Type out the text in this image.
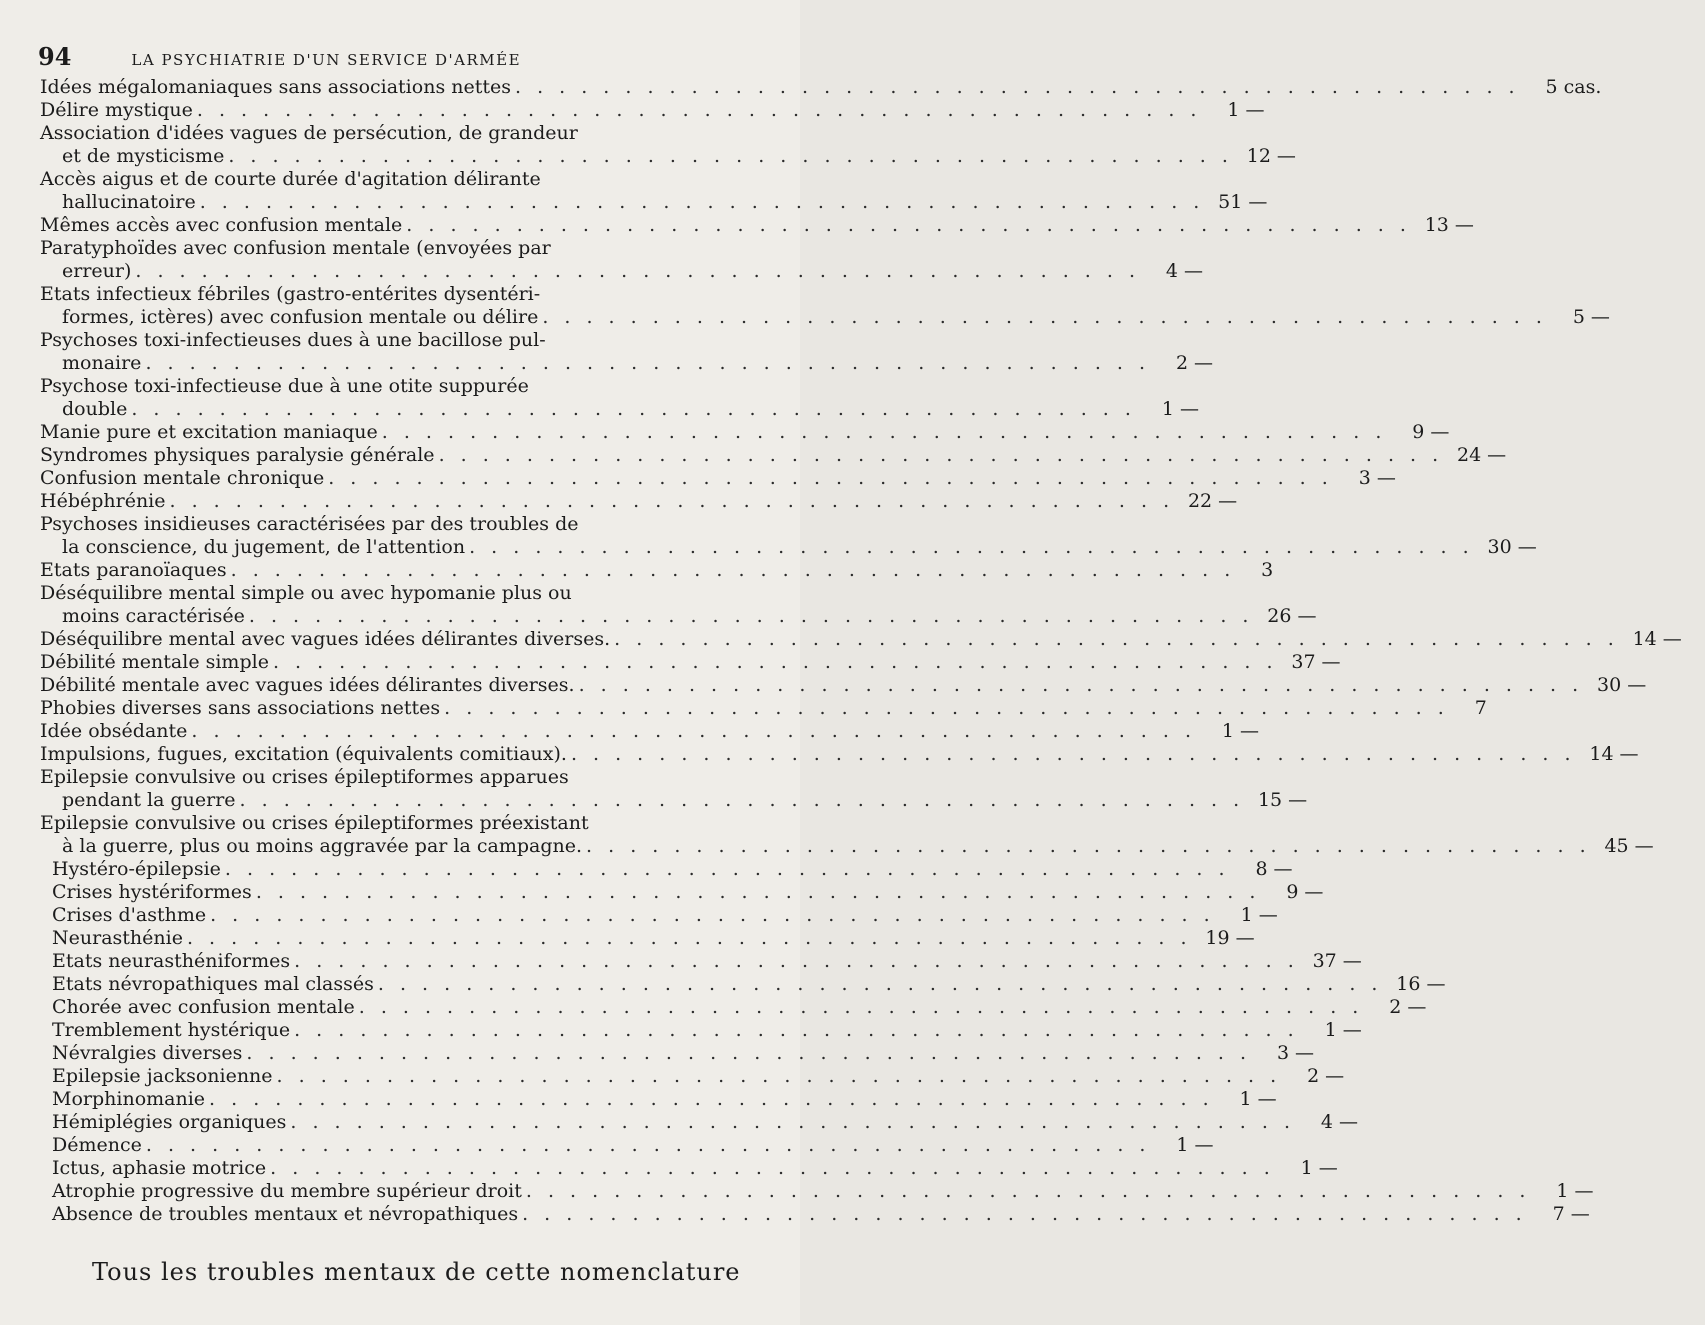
94	LA PSYCHIATRIE D'UN SERVICE D'ARMÉE
Idées mégalomaniaques sans associations nettes . . . . . . . . . . . . . . . . . . . . . . . . . . . . . . . . . . . . . . . . . . . . . .	5 cas.
Délire mystique . . . . . . . . . . . . . . . . . . . . . . . . . . . . . . . . . . . . . . . . . . . . . .	1 —
Association d'idées vagues de persécution, de grandeur
et de mysticisme . . . . . . . . . . . . . . . . . . . . . . . . . . . . . . . . . . . . . . . . . . . . . . 12 —
Accès aigus et de courte durée d'agitation délirante
hallucinatoire . . . . . . . . . . . . . . . . . . . . . . . . . . . . . . . . . . . . . . . . . . . . . . 51 —
Mêmes accès avec confusion mentale . . . . . . . . . . . . . . . . . . . . . . . . . . . . . . . . . . . . . . . . . . . . . . 13 —
Paratyphoïdes avec confusion mentale (envoyées par
erreur) . . . . . . . . . . . . . . . . . . . . . . . . . . . . . . . . . . . . . . . . . . . . . .	4 —
Etats infectieux fébriles (gastro-entérites dysentéri-
formes, ictères) avec confusion mentale ou délire . . . . . . . . . . . . . . . . . . . . . . . . . . . . . . . . . . . . . . . . . . . . . .	5 —
Psychoses toxi-infectieuses dues à une bacillose pul-
monaire . . . . . . . . . . . . . . . . . . . . . . . . . . . . . . . . . . . . . . . . . . . . . .	2 —
Psychose toxi-infectieuse due à une otite suppurée
double . . . . . . . . . . . . . . . . . . . . . . . . . . . . . . . . . . . . . . . . . . . . . .	1 —
Manie pure et excitation maniaque . . . . . . . . . . . . . . . . . . . . . . . . . . . . . . . . . . . . . . . . . . . . . .	9 —
Syndromes physiques paralysie générale . . . . . . . . . . . . . . . . . . . . . . . . . . . . . . . . . . . . . . . . . . . . . . 24 —
Confusion mentale chronique . . . . . . . . . . . . . . . . . . . . . . . . . . . . . . . . . . . . . . . . . . . . . .	3 —
Hébéphrénie . . . . . . . . . . . . . . . . . . . . . . . . . . . . . . . . . . . . . . . . . . . . . . 22 —
Psychoses insidieuses caractérisées par des troubles de
la conscience, du jugement, de l'attention . . . . . . . . . . . . . . . . . . . . . . . . . . . . . . . . . . . . . . . . . . . . . . 30 —
Etats paranoïaques . . . . . . . . . . . . . . . . . . . . . . . . . . . . . . . . . . . . . . . . . . . . . .	3
Déséquilibre mental simple ou avec hypomanie plus ou
moins caractérisée . . . . . . . . . . . . . . . . . . . . . . . . . . . . . . . . . . . . . . . . . . . . . . 26 —
Déséquilibre mental avec vagues idées délirantes diverses. . . . . . . . . . . . . . . . . . . . . . . . . . . . . . . . . . . . . . . . . . . . . . . 14 —
Débilité mentale simple . . . . . . . . . . . . . . . . . . . . . . . . . . . . . . . . . . . . . . . . . . . . . . 37 —
Débilité mentale avec vagues idées délirantes diverses. . . . . . . . . . . . . . . . . . . . . . . . . . . . . . . . . . . . . . . . . . . . . . . 30 —
Phobies diverses sans associations nettes . . . . . . . . . . . . . . . . . . . . . . . . . . . . . . . . . . . . . . . . . . . . . .	7
Idée obsédante . . . . . . . . . . . . . . . . . . . . . . . . . . . . . . . . . . . . . . . . . . . . . .	1 —
Impulsions, fugues, excitation (équivalents comitiaux). . . . . . . . . . . . . . . . . . . . . . . . . . . . . . . . . . . . . . . . . . . . . . . 14 —
Epilepsie convulsive ou crises épileptiformes apparues
pendant la guerre . . . . . . . . . . . . . . . . . . . . . . . . . . . . . . . . . . . . . . . . . . . . . . 15 —
Epilepsie convulsive ou crises épileptiformes préexistant
à la guerre, plus ou moins aggravée par la campagne. . . . . . . . . . . . . . . . . . . . . . . . . . . . . . . . . . . . . . . . . . . . . . . 45 —
Hystéro-épilepsie . . . . . . . . . . . . . . . . . . . . . . . . . . . . . . . . . . . . . . . . . . . . . .	8 —
Crises hystériformes . . . . . . . . . . . . . . . . . . . . . . . . . . . . . . . . . . . . . . . . . . . . . .	9 —
Crises d'asthme . . . . . . . . . . . . . . . . . . . . . . . . . . . . . . . . . . . . . . . . . . . . . .	1 —
Neurasthénie . . . . . . . . . . . . . . . . . . . . . . . . . . . . . . . . . . . . . . . . . . . . . . 19 —
Etats neurasthéniformes . . . . . . . . . . . . . . . . . . . . . . . . . . . . . . . . . . . . . . . . . . . . . . 37 —
Etats névropathiques mal classés . . . . . . . . . . . . . . . . . . . . . . . . . . . . . . . . . . . . . . . . . . . . . . 16 —
Chorée avec confusion mentale . . . . . . . . . . . . . . . . . . . . . . . . . . . . . . . . . . . . . . . . . . . . . .	2 —
Tremblement hystérique . . . . . . . . . . . . . . . . . . . . . . . . . . . . . . . . . . . . . . . . . . . . . .	1 —
Névralgies diverses . . . . . . . . . . . . . . . . . . . . . . . . . . . . . . . . . . . . . . . . . . . . . .	3 —
Epilepsie jacksonienne . . . . . . . . . . . . . . . . . . . . . . . . . . . . . . . . . . . . . . . . . . . . . .	2 —
Morphinomanie . . . . . . . . . . . . . . . . . . . . . . . . . . . . . . . . . . . . . . . . . . . . . .	1 —
Hémiplégies organiques . . . . . . . . . . . . . . . . . . . . . . . . . . . . . . . . . . . . . . . . . . . . . .	4 —
Démence . . . . . . . . . . . . . . . . . . . . . . . . . . . . . . . . . . . . . . . . . . . . . .	1 —
Ictus, aphasie motrice . . . . . . . . . . . . . . . . . . . . . . . . . . . . . . . . . . . . . . . . . . . . . .	1 —
Atrophie progressive du membre supérieur droit . . . . . . . . . . . . . . . . . . . . . . . . . . . . . . . . . . . . . . . . . . . . . .	1 —
Absence de troubles mentaux et névropathiques . . . . . . . . . . . . . . . . . . . . . . . . . . . . . . . . . . . . . . . . . . . . . .	7 —
Tous les troubles mentaux de cette nomenclature
